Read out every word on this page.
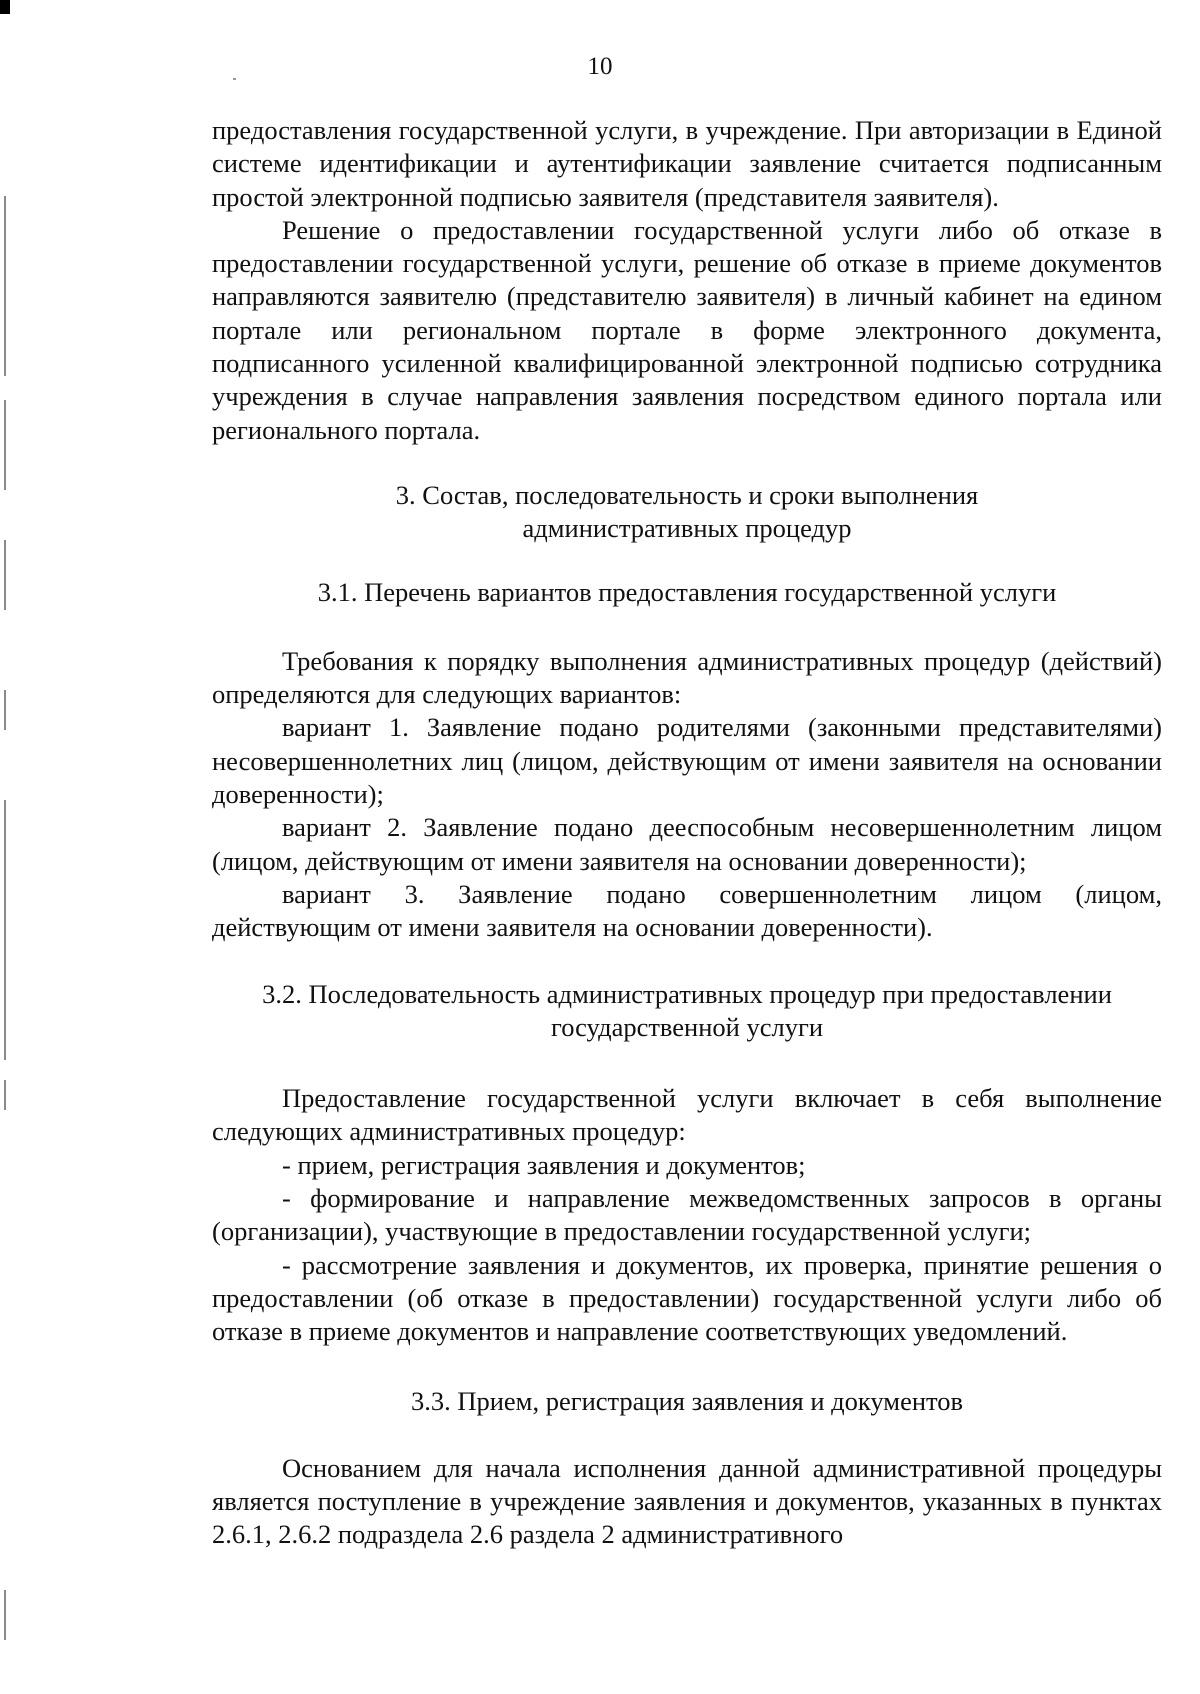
10

предоставления государственной услуги, в учреждение. При авторизации в Единой системе идентификации и аутентификации заявление считается подписанным простой электронной подписью заявителя (представителя заявителя).

Решение о предоставлении государственной услуги либо об отказе в предоставлении государственной услуги, решение об отказе в приеме документов направляются заявителю (представителю заявителя) в личный кабинет на едином портале или региональном портале в форме электронного документа, подписанного усиленной квалифицированной электронной подписью сотрудника учреждения в случае направления заявления посредством единого портала или регионального портала.

3. Состав, последовательность и сроки выполнения
административных процедур
3.1. Перечень вариантов предоставления государственной услуги

Требования к порядку выполнения административных процедур (действий) определяются для следующих вариантов:

вариант 1. Заявление подано родителями (законными представителями) несовершеннолетних лиц (лицом, действующим от имени заявителя на основании доверенности);

вариант 2. Заявление подано дееспособным несовершеннолетним лицом (лицом, действующим от имени заявителя на основании доверенности);

вариант 3. Заявление подано совершеннолетним лицом (лицом, действующим от имени заявителя на основании доверенности).

3.2. Последовательность административных процедур при предоставлении
государственной услуги

Предоставление государственной услуги включает в себя выполнение следующих административных процедур:

- прием, регистрация заявления и документов;

- формирование и направление межведомственных запросов в органы (организации), участвующие в предоставлении государственной услуги;

- рассмотрение заявления и документов, их проверка, принятие решения о предоставлении (об отказе в предоставлении) государственной услуги либо об отказе в приеме документов и направление соответствующих уведомлений.

3.3. Прием, регистрация заявления и документов

Основанием для начала исполнения данной административной процедуры является поступление в учреждение заявления и документов, указанных в пунктах 2.6.1, 2.6.2 подраздела 2.6 раздела 2 административного
